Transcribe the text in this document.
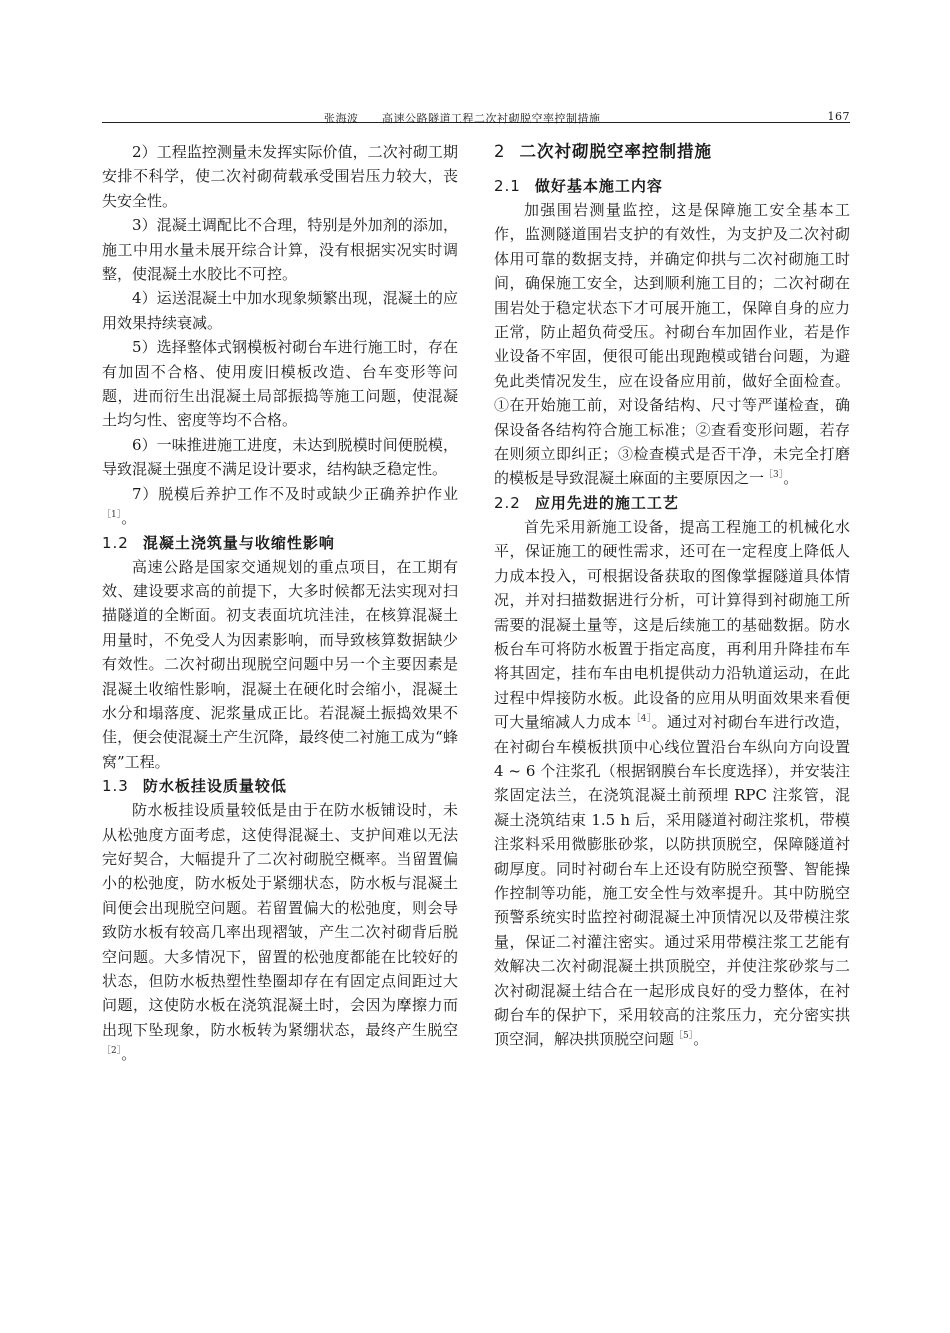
张海波 高速公路隧道工程二次衬砌脱空率控制措施	167

2）工程监控测量未发挥实际价值，二次衬砌工期安排不科学，使二次衬砌荷载承受围岩压力较大，丧失安全性。

3）混凝土调配比不合理，特别是外加剂的添加，施工中用水量未展开综合计算，没有根据实况实时调整，使混凝土水胶比不可控。

4）运送混凝土中加水现象频繁出现，混凝土的应用效果持续衰减。

5）选择整体式钢模板衬砌台车进行施工时，存在有加固不合格、使用废旧模板改造、台车变形等问题，进而衍生出混凝土局部振捣等施工问题，使混凝土均匀性、密度等均不合格。

6）一味推进施工进度，未达到脱模时间便脱模，导致混凝土强度不满足设计要求，结构缺乏稳定性。

7）脱模后养护工作不及时或缺少正确养护作业$^{[1]}$。

1.2 混凝土浇筑量与收缩性影响

高速公路是国家交通规划的重点项目，在工期有效、建设要求高的前提下，大多时候都无法实现对扫描隧道的全断面。初支表面坑坑洼洼，在核算混凝土用量时，不免受人为因素影响，而导致核算数据缺少有效性。二次衬砌出现脱空问题中另一个主要因素是混凝土收缩性影响，混凝土在硬化时会缩小，混凝土水分和塌落度、泥浆量成正比。若混凝土振捣效果不佳，便会使混凝土产生沉降，最终使二衬施工成为“蜂窝”工程。

1.3 防水板挂设质量较低

防水板挂设质量较低是由于在防水板铺设时，未从松弛度方面考虑，这使得混凝土、支护间难以无法完好契合，大幅提升了二次衬砌脱空概率。当留置偏小的松弛度，防水板处于紧绷状态，防水板与混凝土间便会出现脱空问题。若留置偏大的松弛度，则会导致防水板有较高几率出现褶皱，产生二次衬砌背后脱空问题。大多情况下，留置的松弛度都能在比较好的状态，但防水板热塑性垫圈却存在有固定点间距过大问题，这使防水板在浇筑混凝土时，会因为摩擦力而出现下坠现象，防水板转为紧绷状态，最终产生脱空$^{[2]}$。

2 二次衬砌脱空率控制措施
2.1 做好基本施工内容

加强围岩测量监控，这是保障施工安全基本工作，监测隧道围岩支护的有效性，为支护及二次衬砌体用可靠的数据支持，并确定仰拱与二次衬砌施工时间，确保施工安全，达到顺利施工目的；二次衬砌在围岩处于稳定状态下才可展开施工，保障自身的应力正常，防止超负荷受压。衬砌台车加固作业，若是作业设备不牢固，便很可能出现跑模或错台问题，为避免此类情况发生，应在设备应用前，做好全面检查。①在开始施工前，对设备结构、尺寸等严谨检查，确保设备各结构符合施工标准；②查看变形问题，若存在则须立即纠正；③检查模式是否干净，未完全打磨的模板是导致混凝土麻面的主要原因之一$^{[3]}$。

2.2 应用先进的施工工艺

首先采用新施工设备，提高工程施工的机械化水平，保证施工的硬性需求，还可在一定程度上降低人力成本投入，可根据设备获取的图像掌握隧道具体情况，并对扫描数据进行分析，可计算得到衬砌施工所需要的混凝土量等，这是后续施工的基础数据。防水板台车可将防水板置于指定高度，再利用升降挂布车将其固定，挂布车由电机提供动力沿轨道运动，在此过程中焊接防水板。此设备的应用从明面效果来看便可大量缩减人力成本$^{[4]}$。通过对衬砌台车进行改造，在衬砌台车模板拱顶中心线位置沿台车纵向方向设置 4 ~ 6 个注浆孔（根据钢膜台车长度选择），并安装注浆固定法兰，在浇筑混凝土前预埋 RPC 注浆管，混凝土浇筑结束 1.5 h 后，采用隧道衬砌注浆机，带模注浆料采用微膨胀砂浆，以防拱顶脱空，保障隧道衬砌厚度。同时衬砌台车上还设有防脱空预警、智能操作控制等功能，施工安全性与效率提升。其中防脱空预警系统实时监控衬砌混凝土冲顶情况以及带模注浆量，保证二衬灌注密实。通过采用带模注浆工艺能有效解决二次衬砌混凝土拱顶脱空，并使注浆砂浆与二次衬砌混凝土结合在一起形成良好的受力整体，在衬砌台车的保护下，采用较高的注浆压力，充分密实拱顶空洞，解决拱顶脱空问题$^{[5]}$。
